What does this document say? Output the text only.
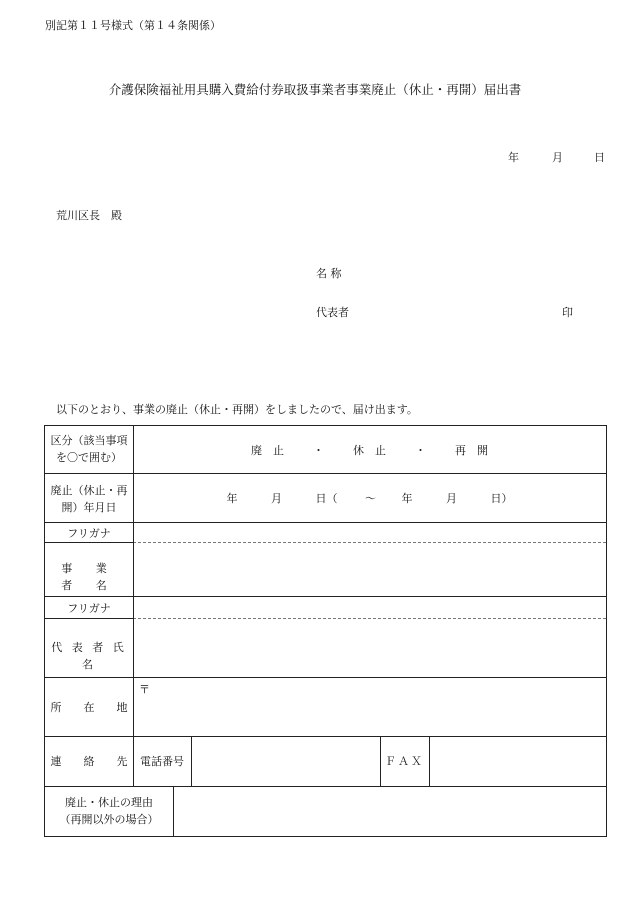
別記第１１号様式（第１４条関係）
介護保険福祉用具購入費給付券取扱事業者事業廃止（休止・再開）届出書
年	月	日
荒川区長　殿
名 称
代表者	印
以下のとおり、事業の廃止（休止・再開）をしましたので、届け出ます。
区分（該当事項
を〇で囲む）
廃　止	・	休　止	・	再　開
廃止（休止・再
開）年月日
年	月	日（	～ 年	月	日）
フリガナ
事 業 者 名
フリガナ
代 表 者 氏 名
所　　在　　地
〒
連　　絡　　先	電話番号	ＦＡＸ
廃止・休止の理由
（再開以外の場合）
